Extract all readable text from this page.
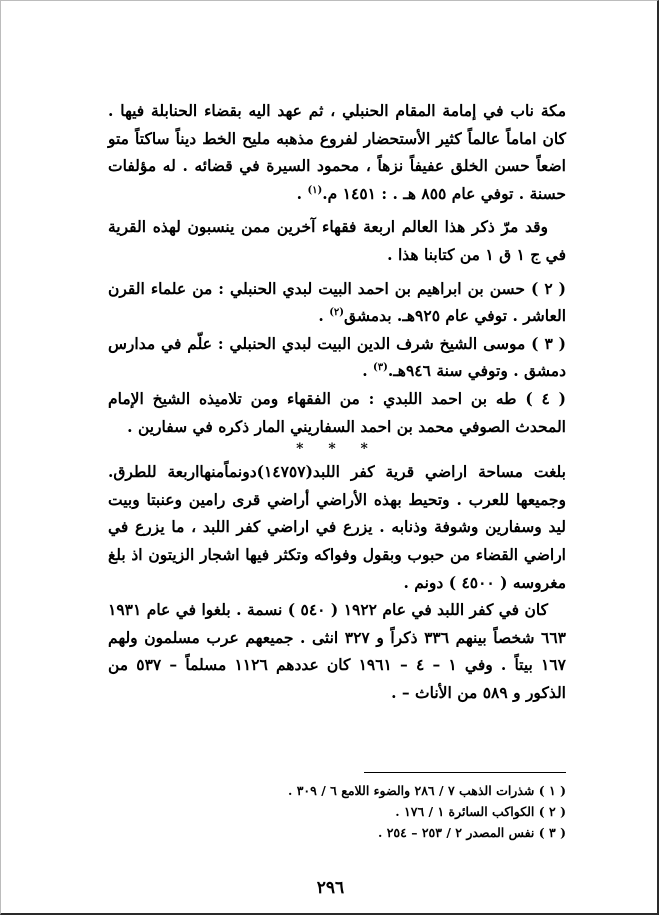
مكة ناب في إمامة المقام الحنبلي ، ثم عهد اليه بقضاء الحنابلة فيها . كان اماماً عالماً كثير الأستحضار لفروع مذهبه مليح الخط ديناً ساكتاً متو اضعاً حسن الخلق عفيفاً نزهاً ، محمود السيرة في قضائه . له مؤلفات حسنة . توفي عام ٨٥٥ هـ . : ١٤٥١ م.$^{(١)}$ .

وقد مرّ ذكر هذا العالم اربعة فقهاء آخرين ممن ينسبون لهذه القرية في ج ١ ق ١ من كتابنا هذا .

( ٢ ) حسن بن ابراهيم بن احمد البيت لبدي الحنبلي : من علماء القرن العاشر . توفي عام ٩٢٥هـ. بدمشق$^{(٢)}$ .

( ٣ ) موسى الشيخ شرف الدين البيت لبدي الحنبلي : علّم في مدارس دمشق . وتوفي سنة ٩٤٦هـ.$^{(٣)}$ .

( ٤ ) طه بن احمد اللبدي : من الفقهاء ومن تلاميذه الشيخ الإمام المحدث الصوفي محمد بن احمد السفاريني المار ذكره في سفارين .

* * *

بلغت مساحة اراضي قرية كفر اللبد(١٤٧٥٧)دونماًمنهااربعة للطرق. وجميعها للعرب . وتحيط بهذه الأراضي أراضي قرى رامين وعنبتا وبيت ليد وسفارين وشوفة وذنابه . يزرع في اراضي كفر اللبد ، ما يزرع في اراضي القضاء من حبوب وبقول وفواكه وتكثر فيها اشجار الزيتون اذ بلغ مغروسه ( ٤٥٠٠ ) دونم .

كان في كفر اللبد في عام ١٩٢٢ ( ٥٤٠ ) نسمة . بلغوا في عام ١٩٣١ ٦٦٣ شخصاً بينهم ٣٣٦ ذكراً و ٣٢٧ انثى . جميعهم عرب مسلمون ولهم ١٦٧ بيتاً . وفي ١ – ٤ – ١٩٦١ كان عددهم ١١٢٦ مسلماً – ٥٣٧ من الذكور و ٥٨٩ من الأناث – .

( ١ ) شذرات الذهب ٧ / ٢٨٦ والضوء اللامع ٦ / ٣٠٩ .

( ٢ ) الكواكب السائرة ١ / ١٧٦ .

( ٣ ) نفس المصدر ٢ / ٢٥٣ – ٢٥٤ .

٢٩٦
